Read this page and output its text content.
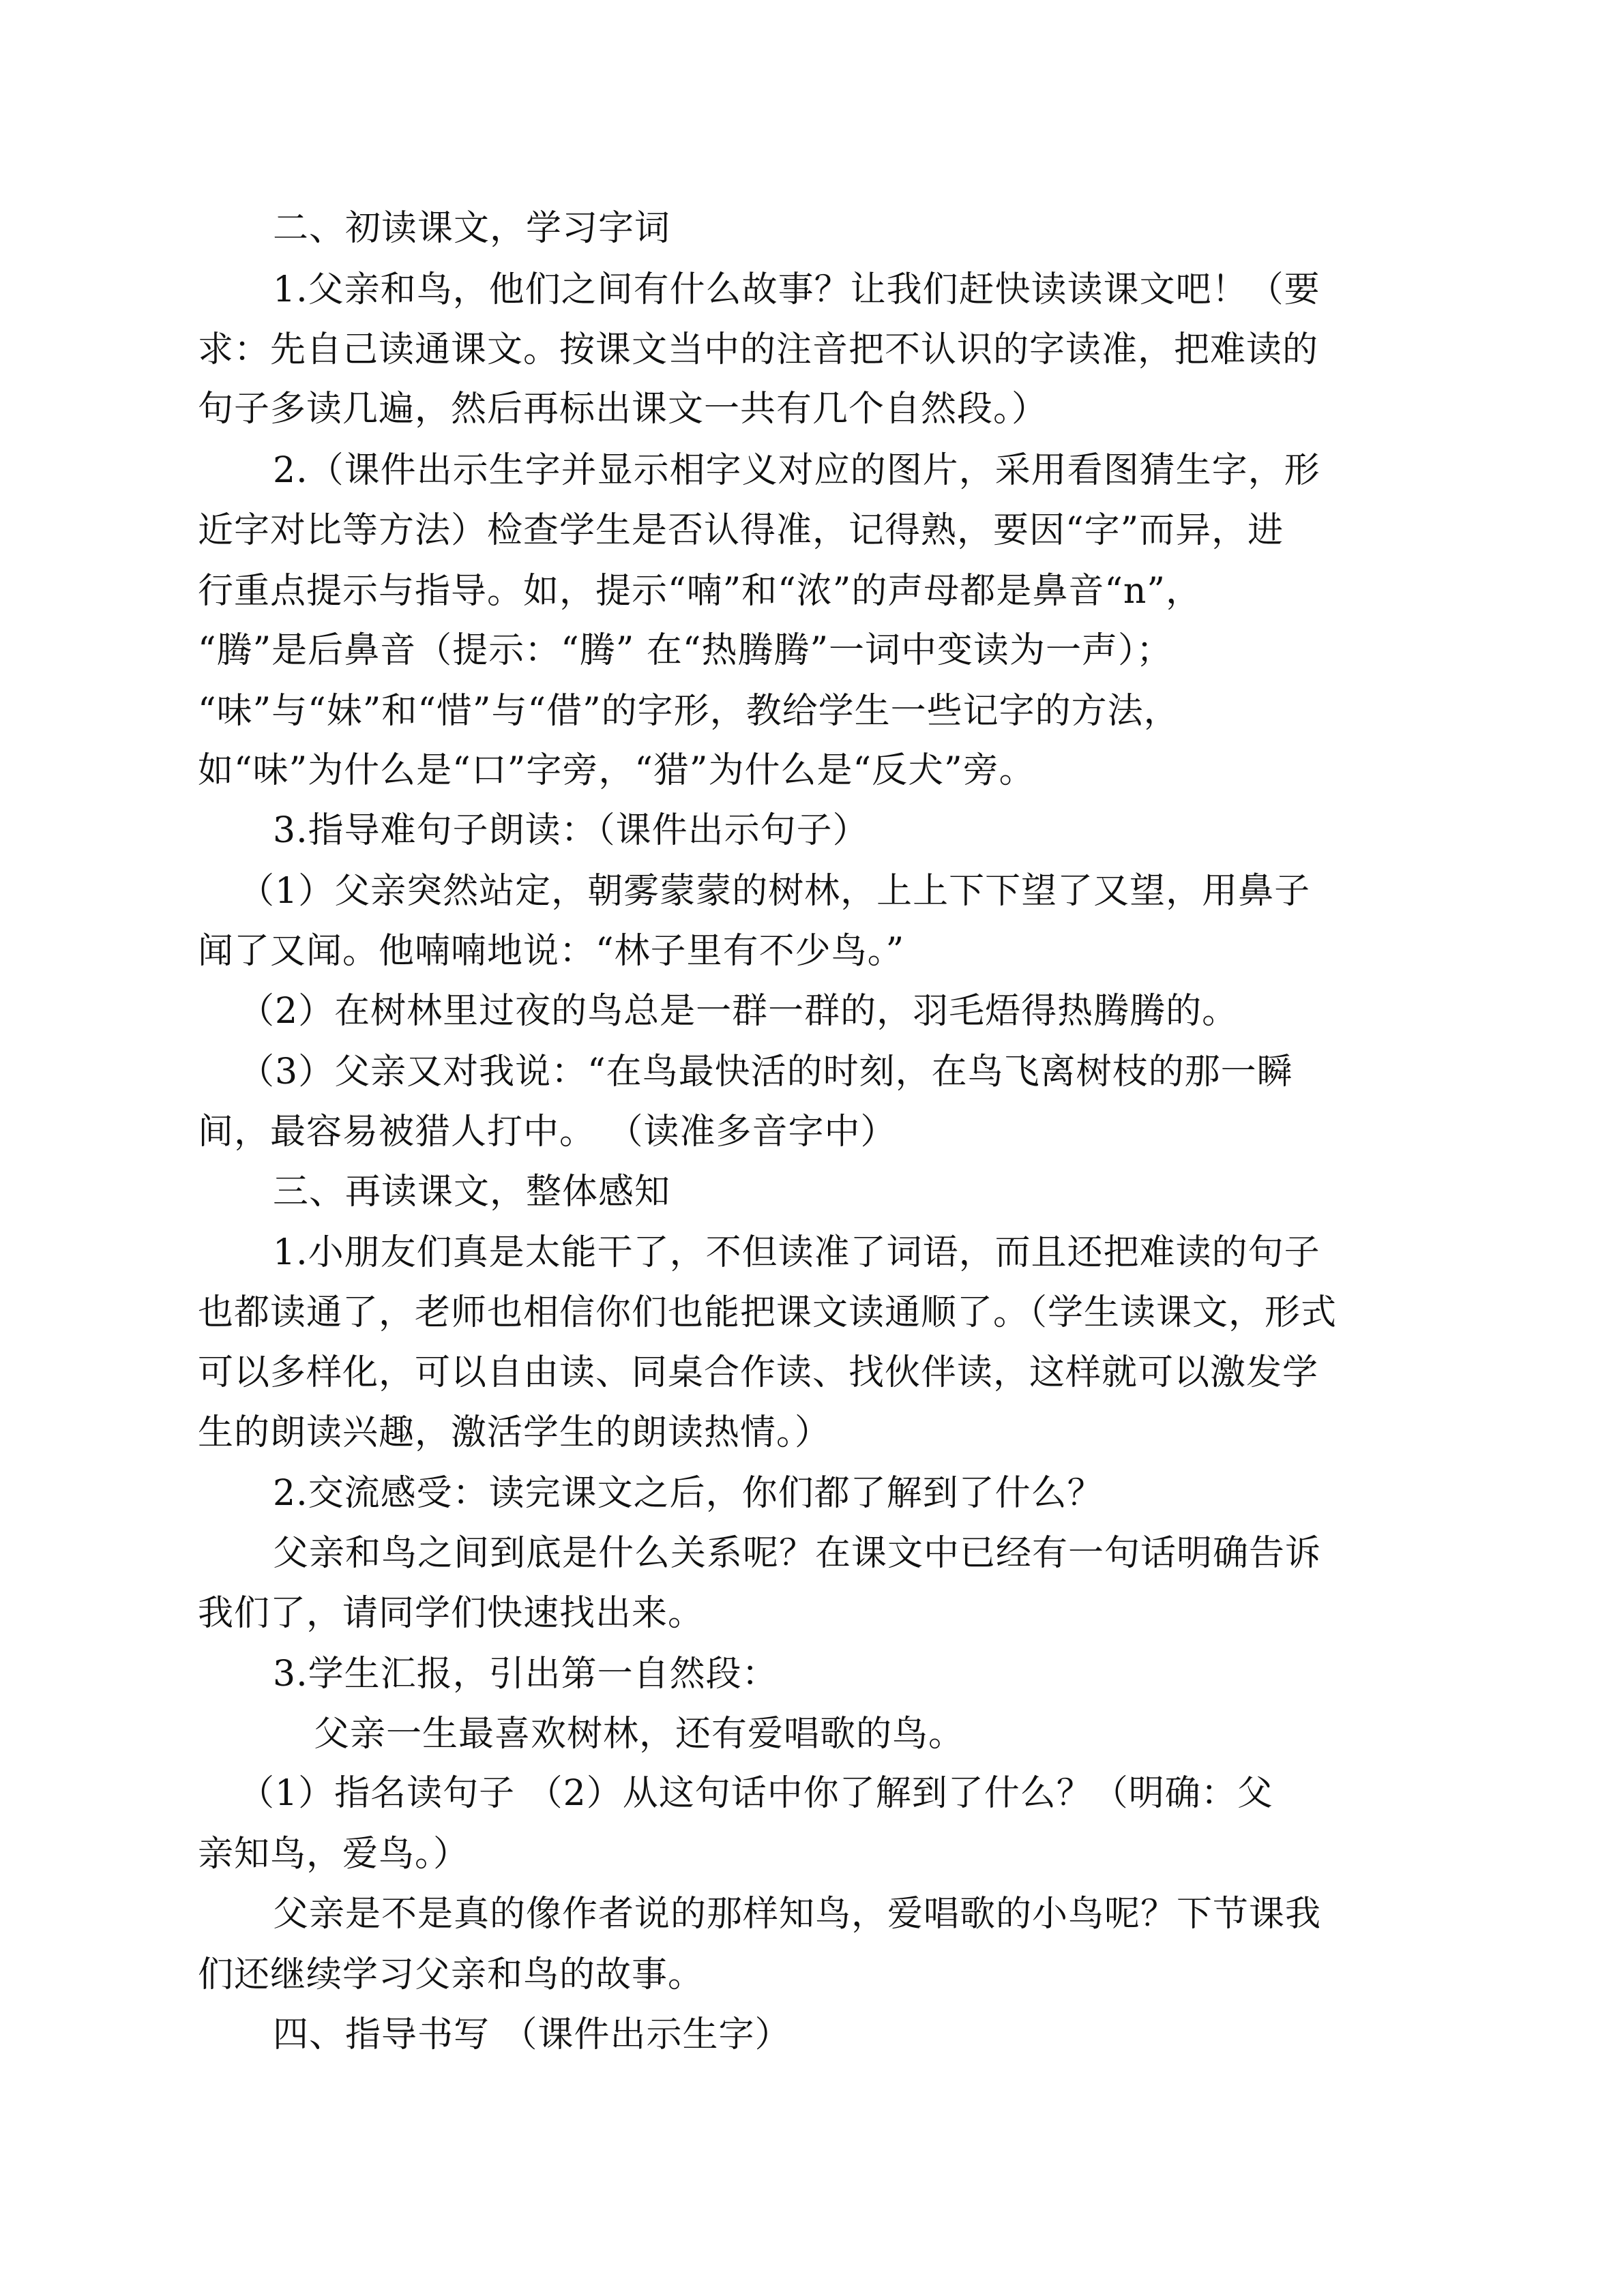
二、初读课文，学习字词
1.父亲和鸟，他们之间有什么故事？让我们赶快读读课文吧！（要
求：先自己读通课文。按课文当中的注音把不认识的字读准，把难读的
句子多读几遍，然后再标出课文一共有几个自然段。）
2.（课件出示生字并显示相字义对应的图片，采用看图猜生字，形
近字对比等方法）检查学生是否认得准，记得熟，要因“字”而异，进
行重点提示与指导。如，提示“喃”和“浓”的声母都是鼻音“n”，
“腾”是后鼻音（提示：“腾” 在“热腾腾”一词中变读为一声）；
“味”与“妹”和“惜”与“借”的字形，教给学生一些记字的方法，
如“味”为什么是“口”字旁，“猎”为什么是“反犬”旁。
3.指导难句子朗读：（课件出示句子）
（1）父亲突然站定，朝雾蒙蒙的树林，上上下下望了又望，用鼻子
闻了又闻。他喃喃地说：“林子里有不少鸟。”
（2）在树林里过夜的鸟总是一群一群的，羽毛焐得热腾腾的。
（3）父亲又对我说：“在鸟最快活的时刻，在鸟飞离树枝的那一瞬
间，最容易被猎人打中。 （读准多音字中）
三、再读课文，整体感知
1.小朋友们真是太能干了，不但读准了词语，而且还把难读的句子
也都读通了，老师也相信你们也能把课文读通顺了。（学生读课文，形式
可以多样化，可以自由读、同桌合作读、找伙伴读，这样就可以激发学
生的朗读兴趣，激活学生的朗读热情。）
2.交流感受：读完课文之后，你们都了解到了什么？
父亲和鸟之间到底是什么关系呢？在课文中已经有一句话明确告诉
我们了，请同学们快速找出来。
3.学生汇报，引出第一自然段：
父亲一生最喜欢树林，还有爱唱歌的鸟。
（1）指名读句子 （2）从这句话中你了解到了什么？（明确：父
亲知鸟，爱鸟。）
父亲是不是真的像作者说的那样知鸟，爱唱歌的小鸟呢？下节课我
们还继续学习父亲和鸟的故事。
四、指导书写 （课件出示生字）
